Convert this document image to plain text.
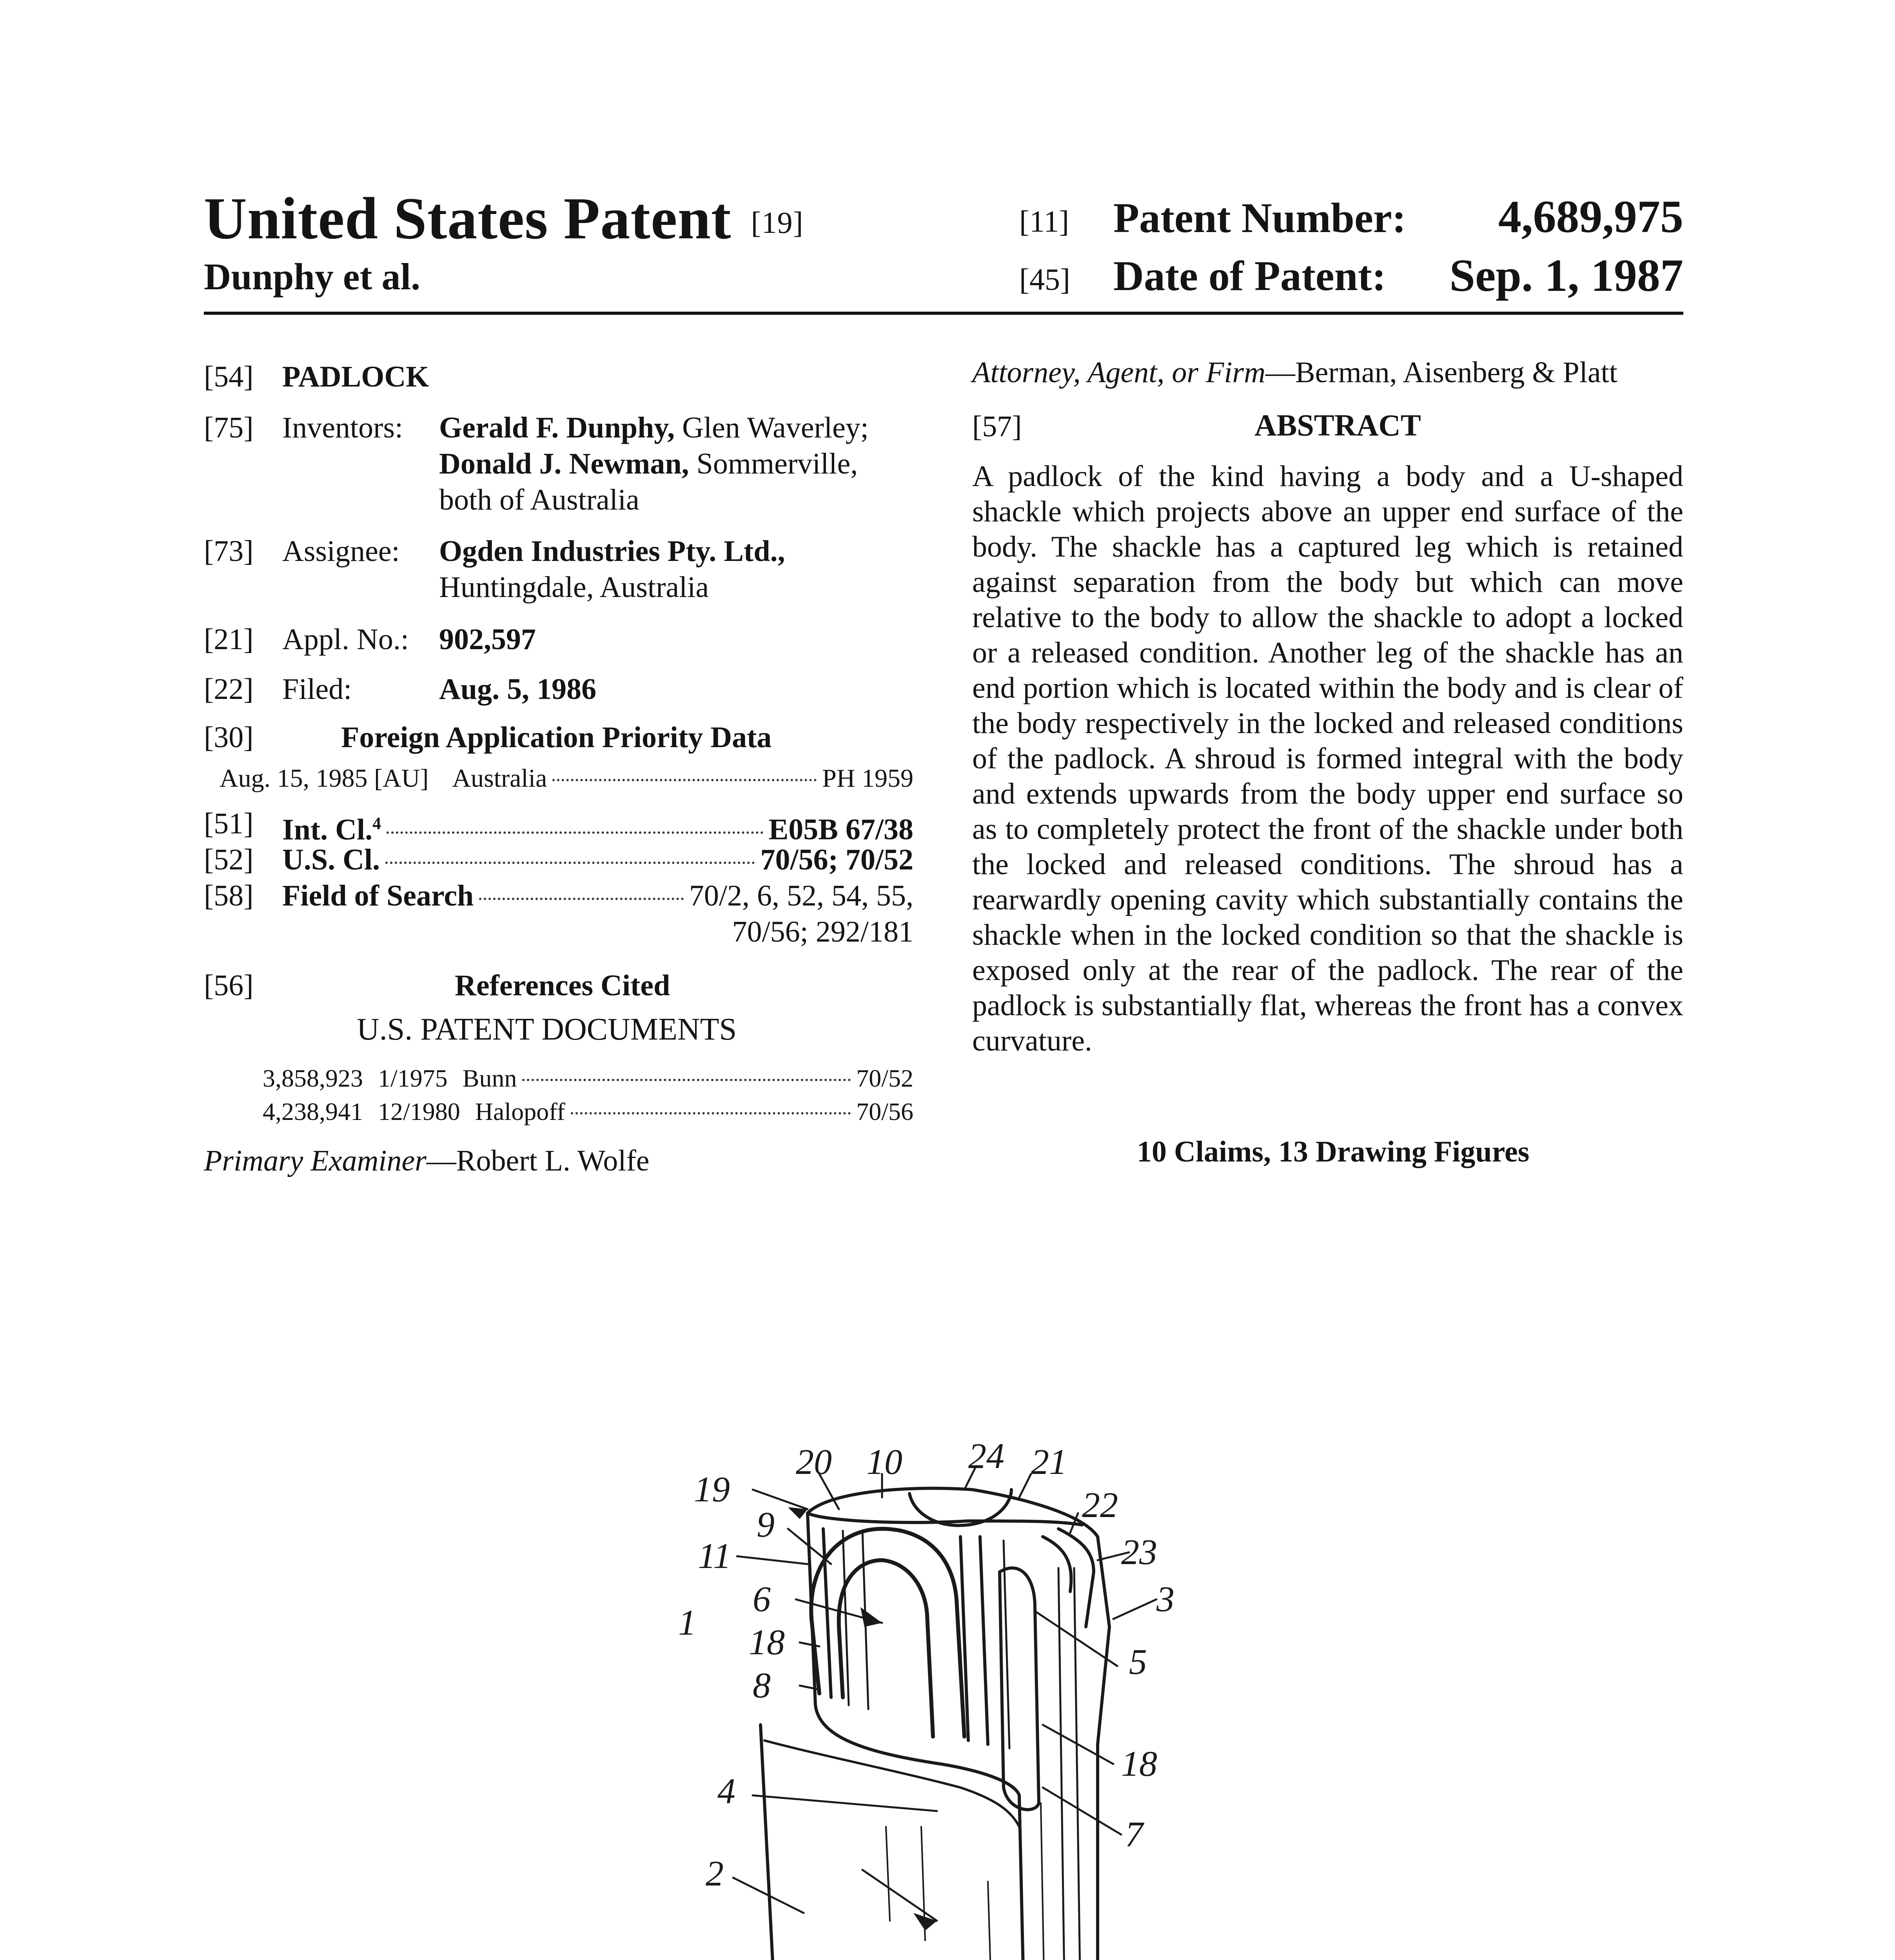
United States Patent [19]
Dunphy et al.
[11] Patent Number: 4,689,975
[45] Date of Patent: Sep. 1, 1987
[54] PADLOCK
[75] Inventors: Gerald F. Dunphy, Glen Waverley;
Donald J. Newman, Sommerville,
both of Australia
[73] Assignee: Ogden Industries Pty. Ltd.,
Huntingdale, Australia
[21] Appl. No.: 902,597
[22] Filed:	Aug. 5, 1986
[30]	Foreign Application Priority Data
Aug. 15, 1985 [AU] Australia	PH 1959
[51] Int. Cl.$^4$	E05B 67/38
[52] U.S. Cl.	70/56; 70/52
[58] Field of Search	70/2, 6, 52, 54, 55,
70/56; 292/181
[56]	References Cited
U.S. PATENT DOCUMENTS
3,858,923 1/1975 Bunn	70/52
4,238,941 12/1980 Halopoff	70/56
Primary Examiner—Robert L. Wolfe
Attorney, Agent, or Firm—Berman, Aisenberg & Platt
[57]	ABSTRACT
A padlock of the kind having a body and a U-shaped shackle which projects above an upper end surface of the body. The shackle has a captured leg which is retained against separation from the body but which can move relative to the body to allow the shackle to adopt a locked or a released condition. Another leg of the shackle has an end portion which is located within the body and is clear of the body respectively in the locked and released conditions of the padlock. A shroud is formed integral with the body and extends upwards from the body upper end surface so as to completely protect the front of the shackle under both the locked and released conditions. The shroud has a rearwardly opening cavity which substantially contains the shackle when in the locked condition so that the shackle is exposed only at the rear of the padlock. The rear of the padlock is substantially flat, whereas the front has a convex curvature.
10 Claims, 13 Drawing Figures
19
20 10 24 21
22
23
3
9
11
6
1 18
8
5
18
4
7
2
